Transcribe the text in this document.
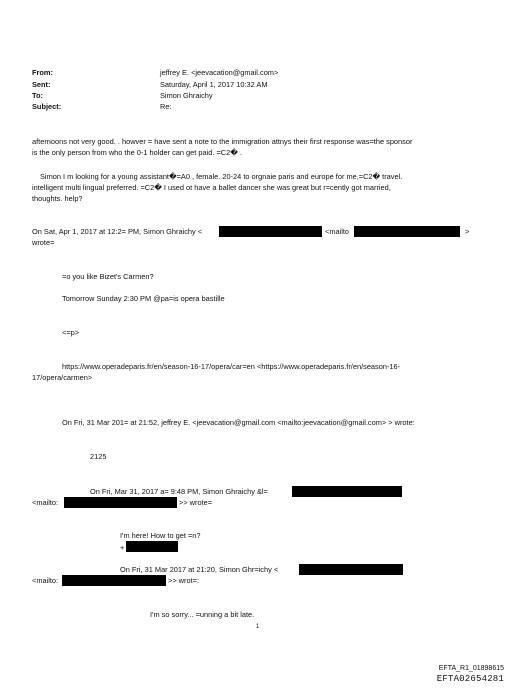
From:	jeffrey E. <jeevacation@gmail.com>
Sent:	Saturday, April 1, 2017 10:32 AM
To:	Simon Ghraichy
Subject:	Re:
afternoons not very good. . howver = have sent a note to the immigration attnys their first response was=the sponsor
is the only person from who the 0-1 holder can get paid. =C2� .
Simon I m looking for a young assistant�=A0 , female. 20-24 to orgnaie paris and europe for me,=C2� travel.
intelligent multi lingual preferred. =C2� I used ot have a ballet dancer she was great but r=cently got married,
thoughts. help?
On Sat, Apr 1, 2017 at 12:2= PM, Simon Ghraichy <	<mailto	>
wrote=
=o you like Bizet's Carmen?
Tomorrow Sunday 2:30 PM @pa=is opera bastille
<=p>
https://www.operadeparis.fr/en/season-16-17/opera/car=en <https://www.operadeparis.fr/en/season-16-
17/opera/carmen>
On Fri, 31 Mar 201= at 21:52, jeffrey E. <jeevacation@gmail.com <mailto:jeevacation@gmail.com> > wrote:
2125
On Fri, Mar 31, 2017 a= 9:48 PM, Simon Ghraichy &l=
<mailto:	>> wrote=
I'm here! How to get =n?
+
On Fri, 31 Mar 2017 at 21:20, Simon Ghr=ichy <
<mailto:	>> wrot=:
I'm so sorry... =unning a bit late.
1
EFTA_R1_01898615
EFTA02654281
